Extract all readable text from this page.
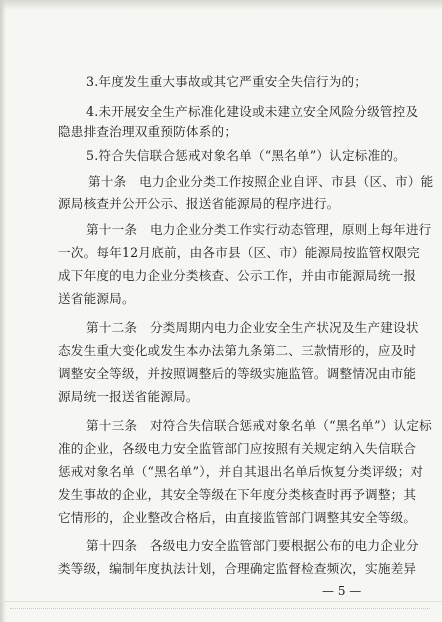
3.年度发生重大事故或其它严重安全失信行为的；
4.未开展安全生产标准化建设或未建立安全风险分级管控及
隐患排查治理双重预防体系的；
5.符合失信联合惩戒对象名单（“黑名单”）认定标准的。
第十条　电力企业分类工作按照企业自评、市县（区、市）能
源局核查并公开公示、报送省能源局的程序进行。
第十一条　电力企业分类工作实行动态管理，原则上每年进行
一次。每年12月底前，由各市县（区、市）能源局按监管权限完
成下年度的电力企业分类核查、公示工作，并由市能源局统一报
送省能源局。
第十二条　分类周期内电力企业安全生产状况及生产建设状
态发生重大变化或发生本办法第九条第二、三款情形的，应及时
调整安全等级，并按照调整后的等级实施监管。调整情况由市能
源局统一报送省能源局。
第十三条　对符合失信联合惩戒对象名单（“黑名单”）认定标
准的企业，各级电力安全监管部门应按照有关规定纳入失信联合
惩戒对象名单（“黑名单”），并自其退出名单后恢复分类评级；对
发生事故的企业，其安全等级在下年度分类核查时再予调整；其
它情形的，企业整改合格后，由直接监管部门调整其安全等级。
第十四条　各级电力安全监管部门要根据公布的电力企业分
类等级，编制年度执法计划，合理确定监督检查频次，实施差异
— 5 —
